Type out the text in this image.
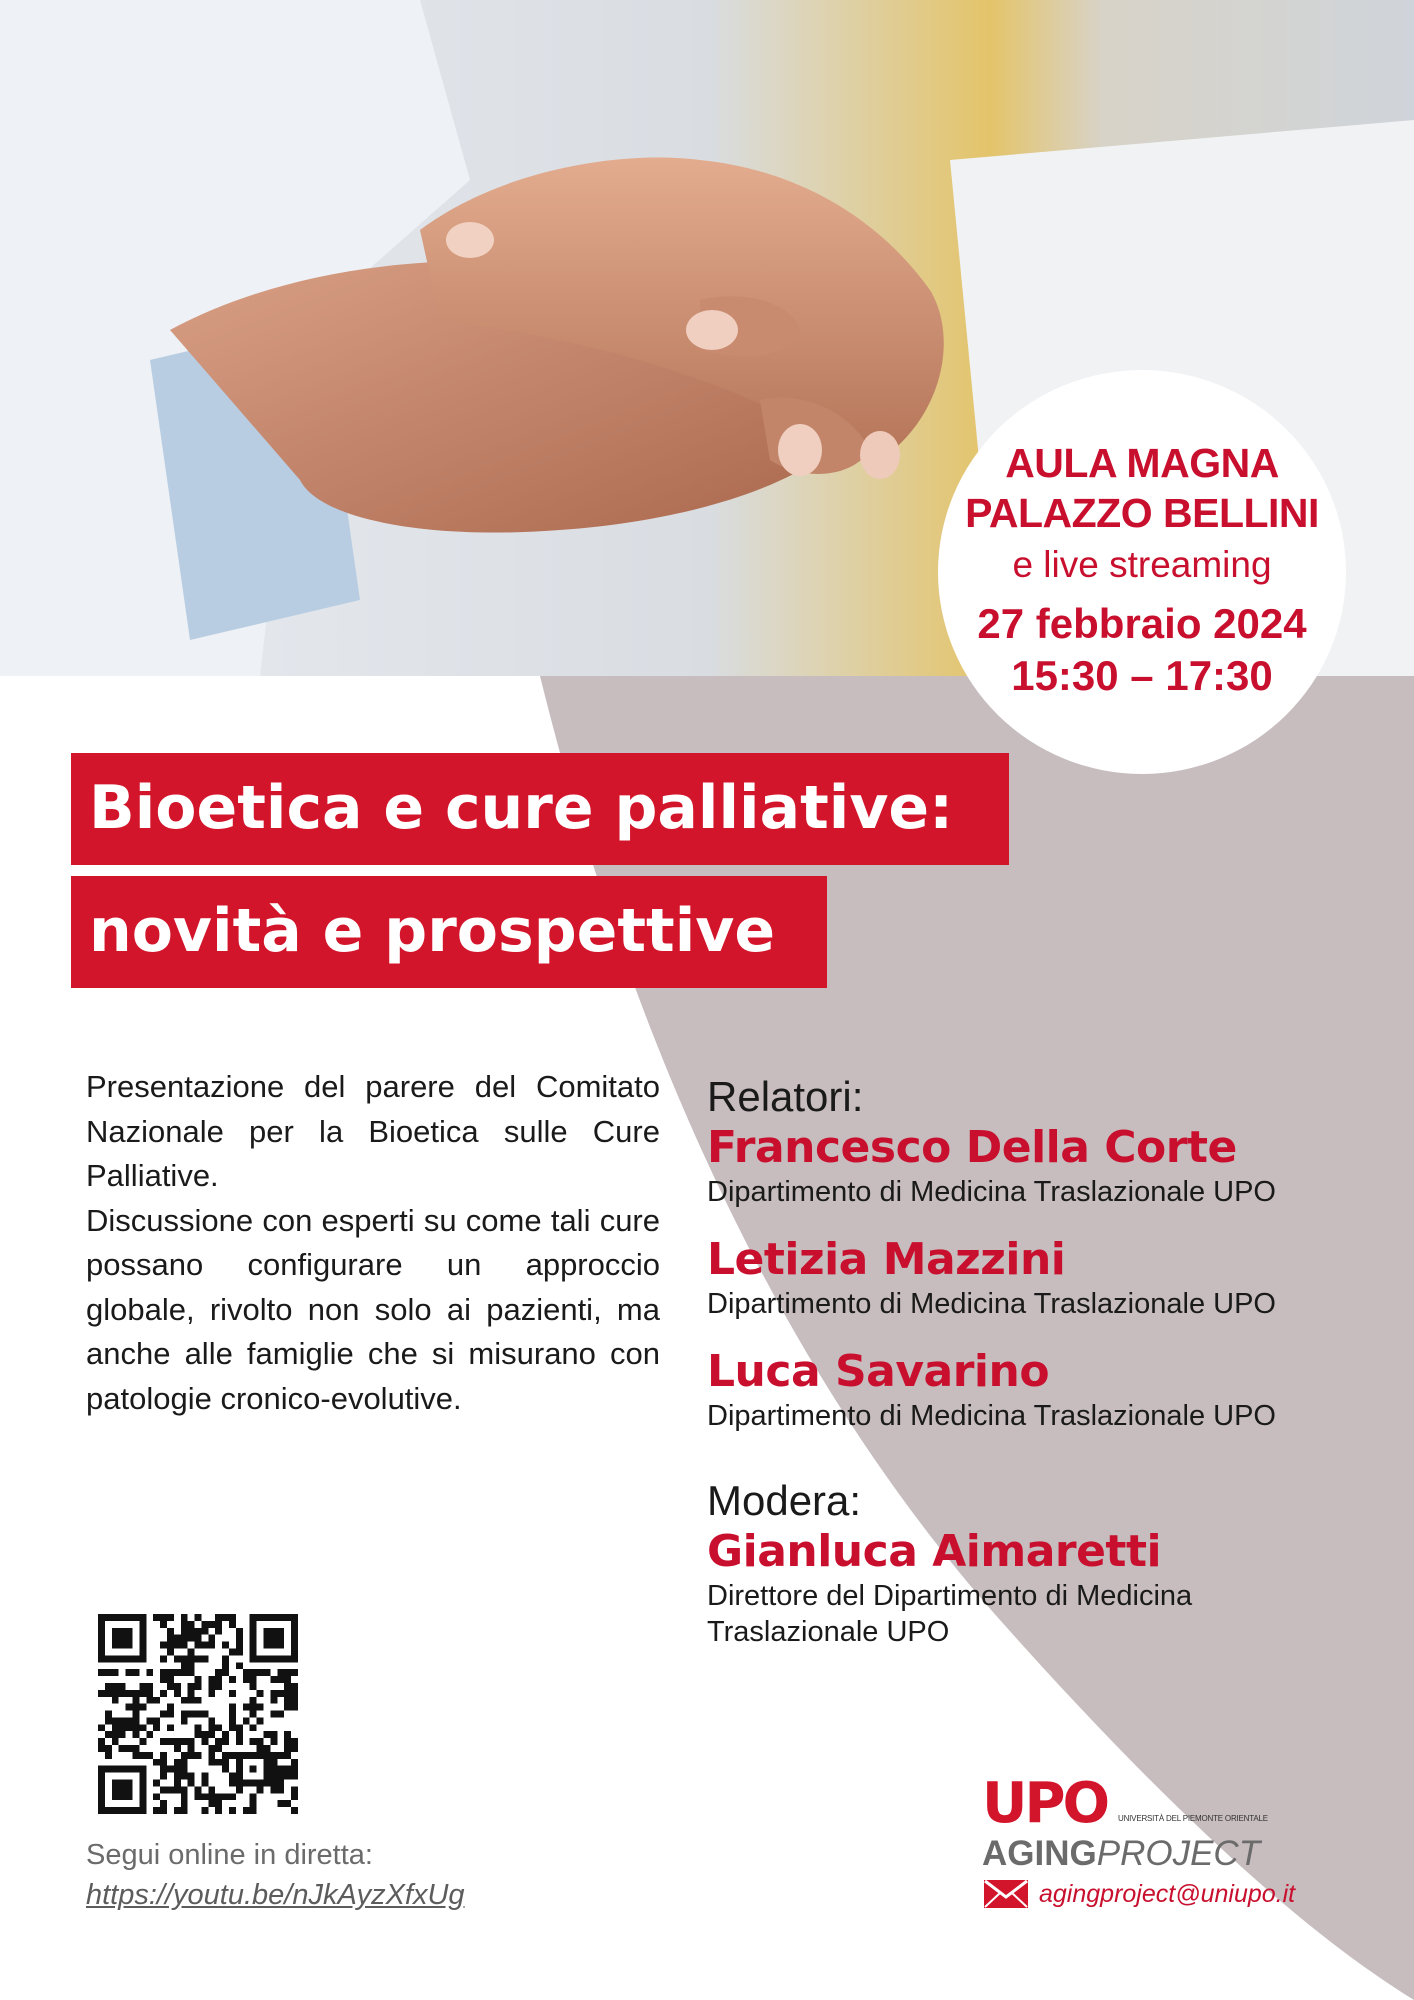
AULA MAGNA
PALAZZO BELLINI
e live streaming
27 febbraio 2024
15:30 – 17:30
Bioetica e cure palliative:
novità e prospettive

Presentazione del parere del Comitato Nazionale per la Bioetica sulle Cure Palliative.

Discussione con esperti su come tali cure possano configurare un approccio globale, rivolto non solo ai pazienti, ma anche alle famiglie che si misurano con patologie cronico-evolutive.

Relatori:
Francesco Della Corte
Dipartimento di Medicina Traslazionale UPO
Letizia Mazzini
Dipartimento di Medicina Traslazionale UPO
Luca Savarino
Dipartimento di Medicina Traslazionale UPO
Modera:
Gianluca Aimaretti
Direttore del Dipartimento di Medicina
Traslazionale UPO
Segui online in diretta:
https://youtu.be/nJkAyzXfxUg
UPO UNIVERSITÀ DEL PIEMONTE ORIENTALE
AGINGPROJECT
agingproject@uniupo.it
